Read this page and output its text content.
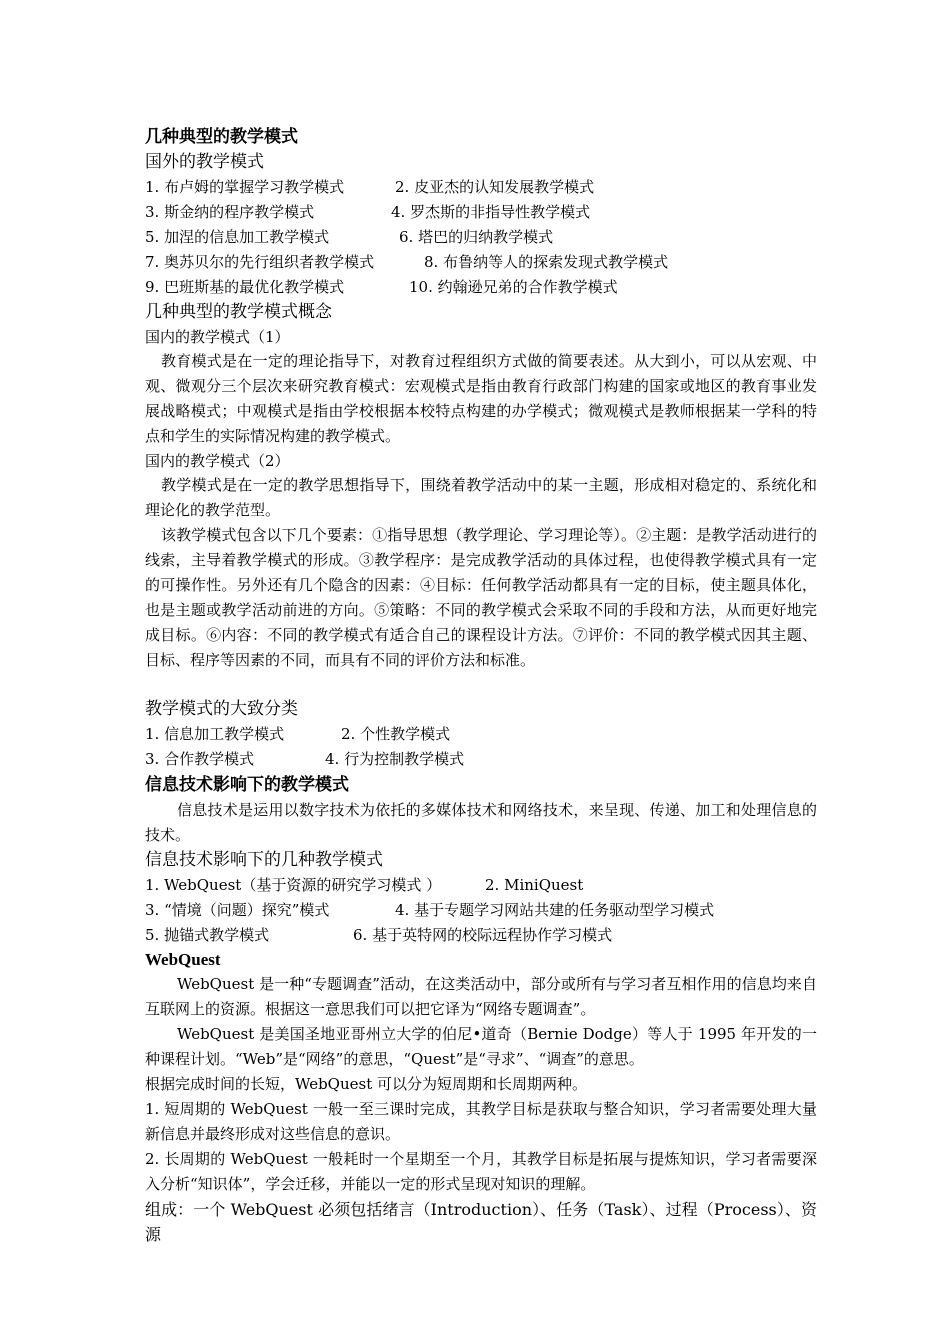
几种典型的教学模式
国外的教学模式
1. 布卢姆的掌握学习教学模式	2. 皮亚杰的认知发展教学模式
3. 斯金纳的程序教学模式	4. 罗杰斯的非指导性教学模式
5. 加涅的信息加工教学模式	6. 塔巴的归纳教学模式
7. 奥苏贝尔的先行组织者教学模式	8. 布鲁纳等人的探索发现式教学模式
9. 巴班斯基的最优化教学模式	10. 约翰逊兄弟的合作教学模式
几种典型的教学模式概念
国内的教学模式（1）
教育模式是在一定的理论指导下，对教育过程组织方式做的简要表述。从大到小，可以从宏观、中观、微观分三个层次来研究教育模式：宏观模式是指由教育行政部门构建的国家或地区的教育事业发展战略模式；中观模式是指由学校根据本校特点构建的办学模式；微观模式是教师根据某一学科的特点和学生的实际情况构建的教学模式。
国内的教学模式（2）
教学模式是在一定的教学思想指导下，围绕着教学活动中的某一主题，形成相对稳定的、系统化和理论化的教学范型。
该教学模式包含以下几个要素：①指导思想（教学理论、学习理论等）。②主题：是教学活动进行的线索，主导着教学模式的形成。③教学程序：是完成教学活动的具体过程，也使得教学模式具有一定的可操作性。另外还有几个隐含的因素：④目标：任何教学活动都具有一定的目标，使主题具体化，也是主题或教学活动前进的方向。⑤策略：不同的教学模式会采取不同的手段和方法，从而更好地完成目标。⑥内容：不同的教学模式有适合自己的课程设计方法。⑦评价：不同的教学模式因其主题、目标、程序等因素的不同，而具有不同的评价方法和标准。
教学模式的大致分类
1. 信息加工教学模式	2. 个性教学模式
3. 合作教学模式	4. 行为控制教学模式
信息技术影响下的教学模式
信息技术是运用以数字技术为依托的多媒体技术和网络技术，来呈现、传递、加工和处理信息的技术。
信息技术影响下的几种教学模式
1. WebQuest（基于资源的研究学习模式 ）	2. MiniQuest
3. “情境（问题）探究”模式	4. 基于专题学习网站共建的任务驱动型学习模式
5. 抛锚式教学模式	6. 基于英特网的校际远程协作学习模式
WebQuest
WebQuest 是一种“专题调查”活动，在这类活动中，部分或所有与学习者互相作用的信息均来自互联网上的资源。根据这一意思我们可以把它译为“网络专题调查”。
WebQuest 是美国圣地亚哥州立大学的伯尼•道奇（Bernie Dodge）等人于 1995 年开发的一种课程计划。“Web”是“网络”的意思，“Quest”是“寻求”、“调查”的意思。
根据完成时间的长短，WebQuest 可以分为短周期和长周期两种。
1. 短周期的 WebQuest 一般一至三课时完成，其教学目标是获取与整合知识，学习者需要处理大量新信息并最终形成对这些信息的意识。
2. 长周期的 WebQuest 一般耗时一个星期至一个月，其教学目标是拓展与提炼知识，学习者需要深入分析“知识体”，学会迁移，并能以一定的形式呈现对知识的理解。
组成：一个 WebQuest 必须包括绪言（Introduction）、任务（Task）、过程（Process）、资源
